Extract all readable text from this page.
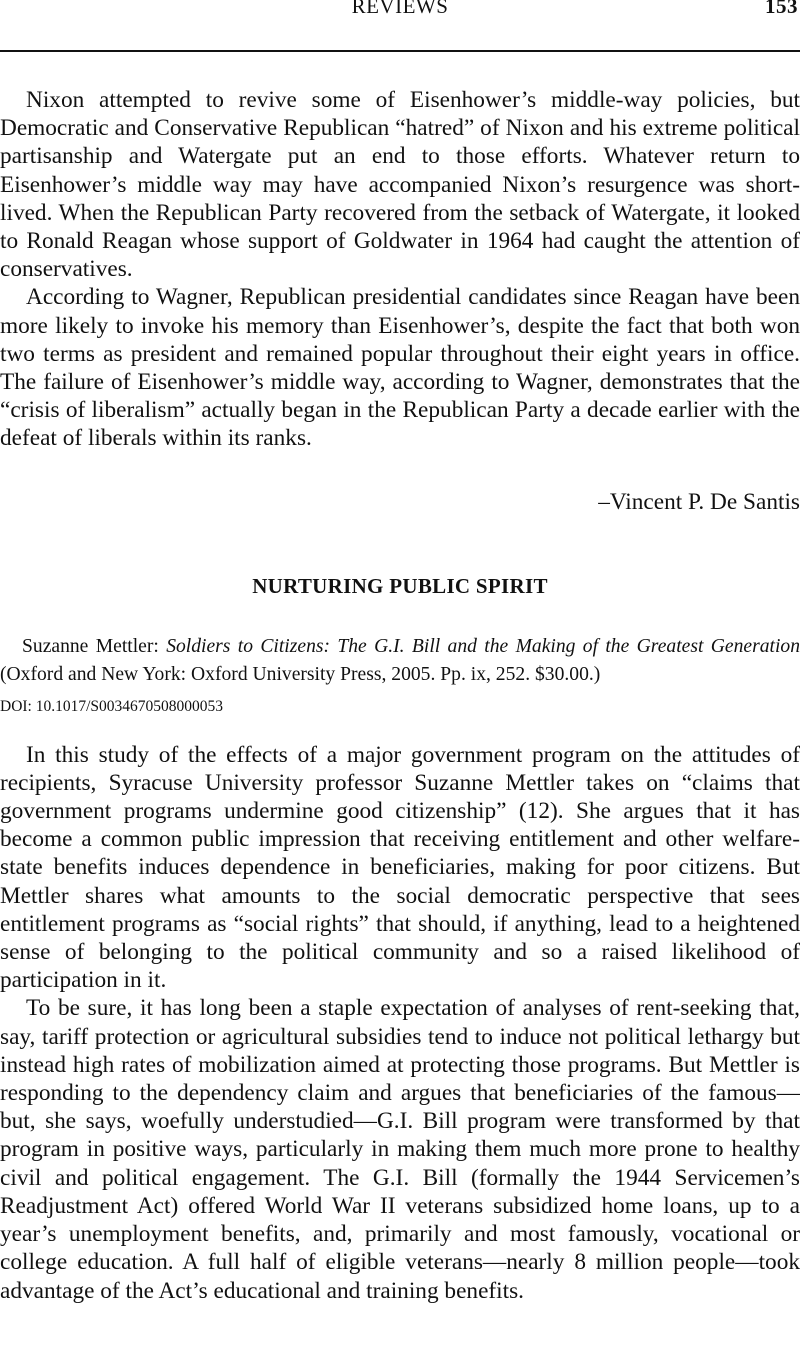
REVIEWS	153

Nixon attempted to revive some of Eisenhower’s middle-way policies, but Democratic and Conservative Republican “hatred” of Nixon and his extreme political partisanship and Watergate put an end to those efforts. Whatever return to Eisenhower’s middle way may have accompanied Nixon’s resurgence was short-lived. When the Republican Party recovered from the setback of Watergate, it looked to Ronald Reagan whose support of Goldwater in 1964 had caught the attention of conservatives.

According to Wagner, Republican presidential candidates since Reagan have been more likely to invoke his memory than Eisenhower’s, despite the fact that both won two terms as president and remained popular throughout their eight years in office. The failure of Eisenhower’s middle way, according to Wagner, demonstrates that the “crisis of liberalism” actually began in the Republican Party a decade earlier with the defeat of liberals within its ranks.

–Vincent P. De Santis
NURTURING PUBLIC SPIRIT
Suzanne Mettler: Soldiers to Citizens: The G.I. Bill and the Making of the Greatest Generation (Oxford and New York: Oxford University Press, 2005. Pp. ix, 252. $30.00.)
DOI: 10.1017/S0034670508000053

In this study of the effects of a major government program on the attitudes of recipients, Syracuse University professor Suzanne Mettler takes on “claims that government programs undermine good citizenship” (12). She argues that it has become a common public impression that receiving entitlement and other welfare-state benefits induces dependence in beneficiaries, making for poor citizens. But Mettler shares what amounts to the social democratic perspective that sees entitlement programs as “social rights” that should, if anything, lead to a heightened sense of belonging to the political community and so a raised likelihood of participation in it.

To be sure, it has long been a staple expectation of analyses of rent-seeking that, say, tariff protection or agricultural subsidies tend to induce not political lethargy but instead high rates of mobilization aimed at protecting those programs. But Mettler is responding to the dependency claim and argues that beneficiaries of the famous—but, she says, woefully understudied—G.I. Bill program were transformed by that program in positive ways, particularly in making them much more prone to healthy civil and political engagement. The G.I. Bill (formally the 1944 Servicemen’s Readjustment Act) offered World War II veterans subsidized home loans, up to a year’s unemployment benefits, and, primarily and most famously, vocational or college education. A full half of eligible veterans—nearly 8 million people—took advantage of the Act’s educational and training benefits.
